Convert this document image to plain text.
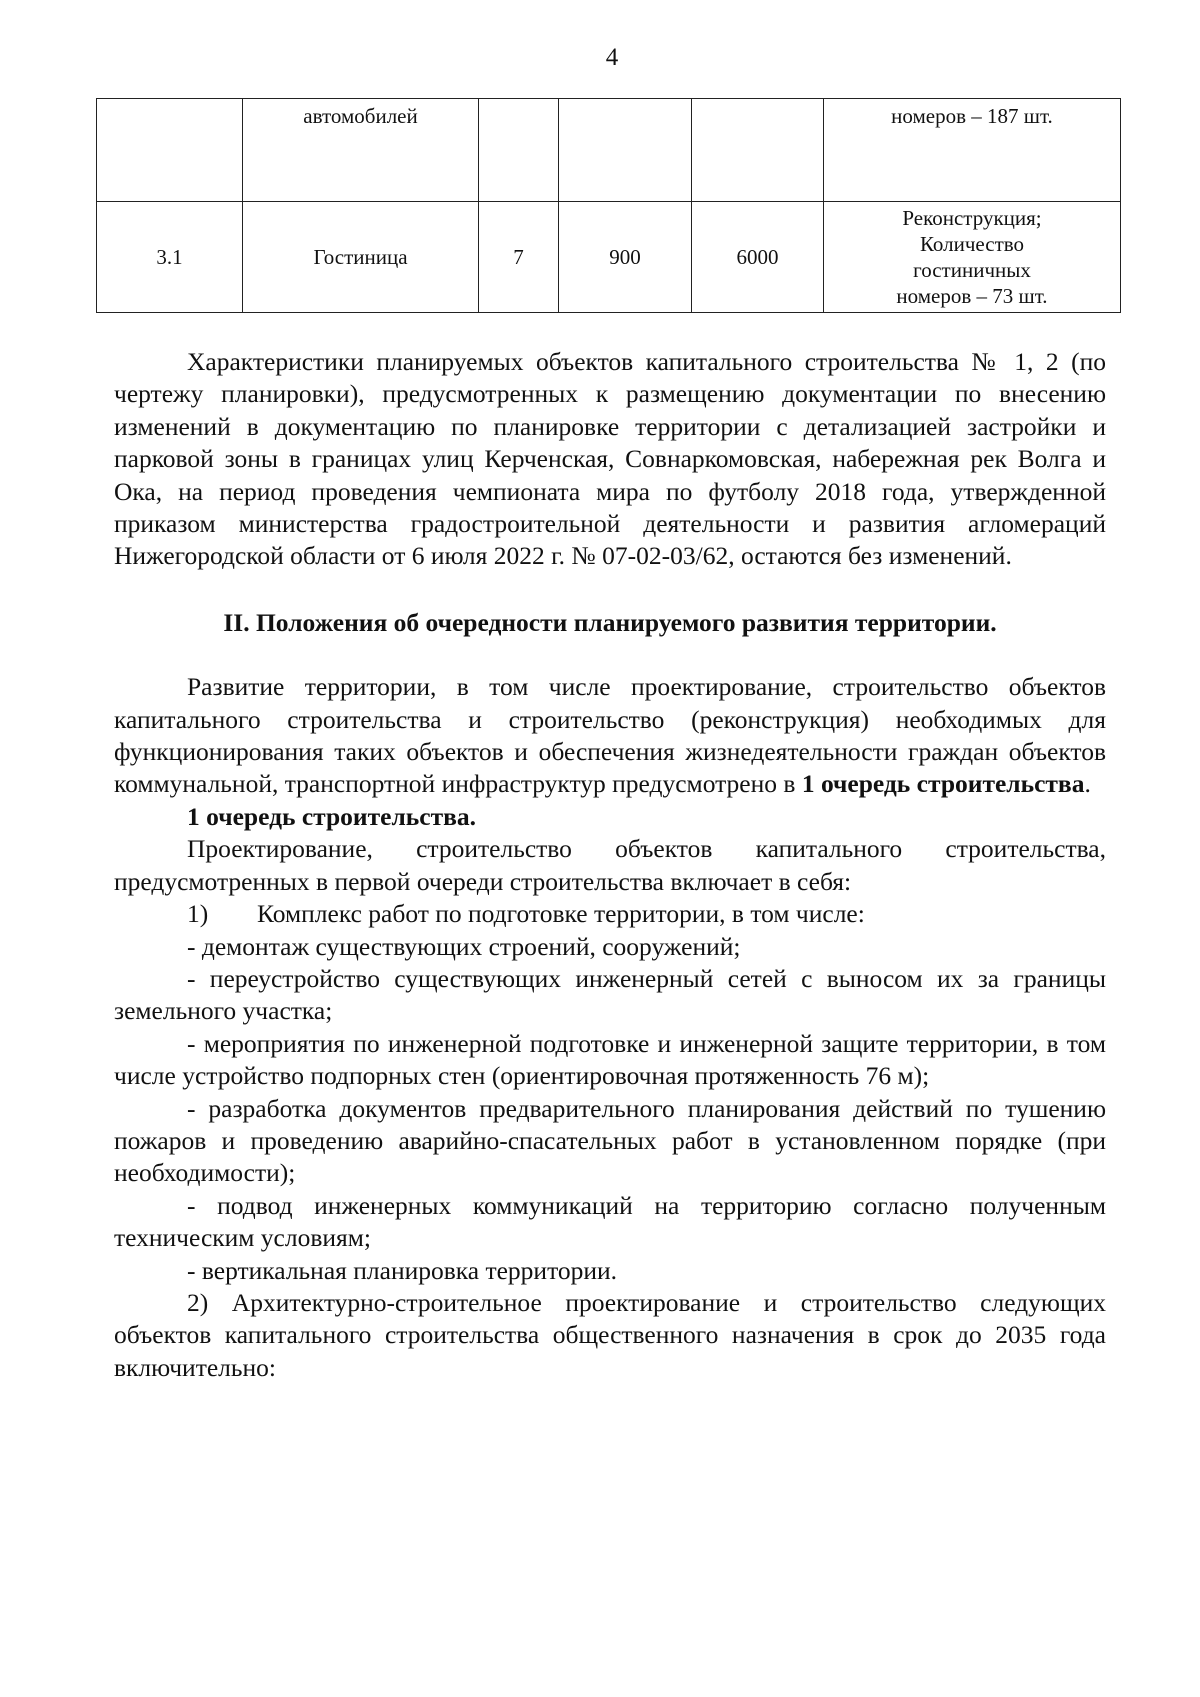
4
	автомобилей				номеров – 187 шт.
3.1	Гостиница	7	900	6000	Реконструкция;
Количество
гостиничных
номеров – 73 шт.

Характеристики планируемых объектов капитального строительства № 1, 2 (по чертежу планировки), предусмотренных к размещению документации по внесению изменений в документацию по планировке территории с детализацией застройки и парковой зоны в границах улиц Керченская, Совнаркомовская, набережная рек Волга и Ока, на период проведения чемпионата мира по футболу 2018 года, утвержденной приказом министерства градостроительной деятельности и развития агломераций Нижегородской области от 6 июля 2022 г. № 07-02-03/62, остаются без изменений.

II. Положения об очередности планируемого развития территории.

Развитие территории, в том числе проектирование, строительство объектов капитального строительства и строительство (реконструкция) необходимых для функционирования таких объектов и обеспечения жизнедеятельности граждан объектов коммунальной, транспортной инфраструктур предусмотрено в 1 очередь строительства.

1 очередь строительства.

Проектирование, строительство объектов капитального строительства, предусмотренных в первой очереди строительства включает в себя:

1) Комплекс работ по подготовке территории, в том числе:

- демонтаж существующих строений, сооружений;

- переустройство существующих инженерный сетей с выносом их за границы земельного участка;

- мероприятия по инженерной подготовке и инженерной защите территории, в том числе устройство подпорных стен (ориентировочная протяженность 76 м);

- разработка документов предварительного планирования действий по тушению пожаров и проведению аварийно-спасательных работ в установленном порядке (при необходимости);

- подвод инженерных коммуникаций на территорию согласно полученным техническим условиям;

- вертикальная планировка территории.

2) Архитектурно-строительное проектирование и строительство следующих объектов капитального строительства общественного назначения в срок до 2035 года включительно:
